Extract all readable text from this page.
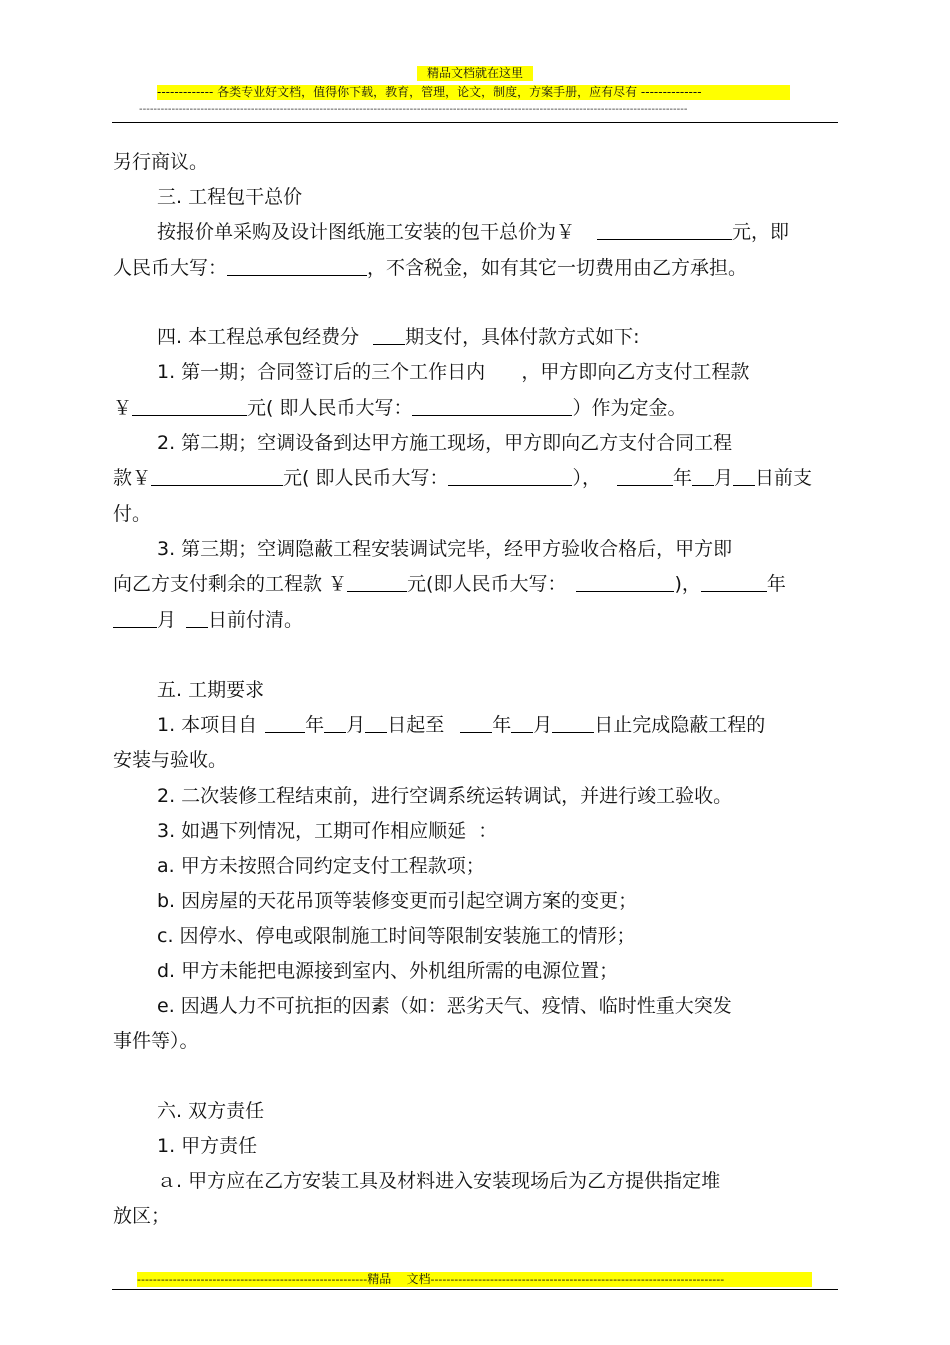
精品文档就在这里
------------- 各类专业好文档，值得你下载，教育，管理，论文，制度，方案手册，应有尽有 --------------
--------------------------------------------------------------------------------------------------------------------------------------------------------
另行商议。
三. 工程包干总价
按报价单采购及设计图纸施工安装的包干总价为￥	元，即
人民币大写：	，不含税金，如有其它一切费用由乙方承担。
四. 本工程总承包经费分 期支付，具体付款方式如下:
1. 第一期；合同签订后的三个工作日内      ，甲方即向乙方支付工程款
￥	元( 即人民币大写：	）作为定金。
2. 第二期；空调设备到达甲方施工现场，甲方即向乙方支付合同工程
款￥	元( 即人民币大写：	），	年 月 日前支
付。
3. 第三期；空调隐蔽工程安装调试完毕，经甲方验收合格后，甲方即
向乙方支付剩余的工程款 ￥	元(即人民币大写：	)，	年
月 日前付清。
五. 工期要求
1. 本项目自	年 月 日起至	年 月 日止完成隐蔽工程的
安装与验收。
2. 二次装修工程结束前，进行空调系统运转调试，并进行竣工验收。
3. 如遇下列情况，工期可作相应顺延  ：
a. 甲方未按照合同约定支付工程款项；
b. 因房屋的天花吊顶等装修变更而引起空调方案的变更；
c. 因停水、停电或限制施工时间等限制安装施工的情形；
d. 甲方未能把电源接到室内、外机组所需的电源位置；
e. 因遇人力不可抗拒的因素（如：恶劣天气、疫情、临时性重大突发
事件等）。
六. 双方责任
1. 甲方责任
ａ. 甲方应在乙方安装工具及材料进入安装现场后为乙方提供指定堆
放区；
----------------------------------------------------------精品    文档--------------------------------------------------------------------------
